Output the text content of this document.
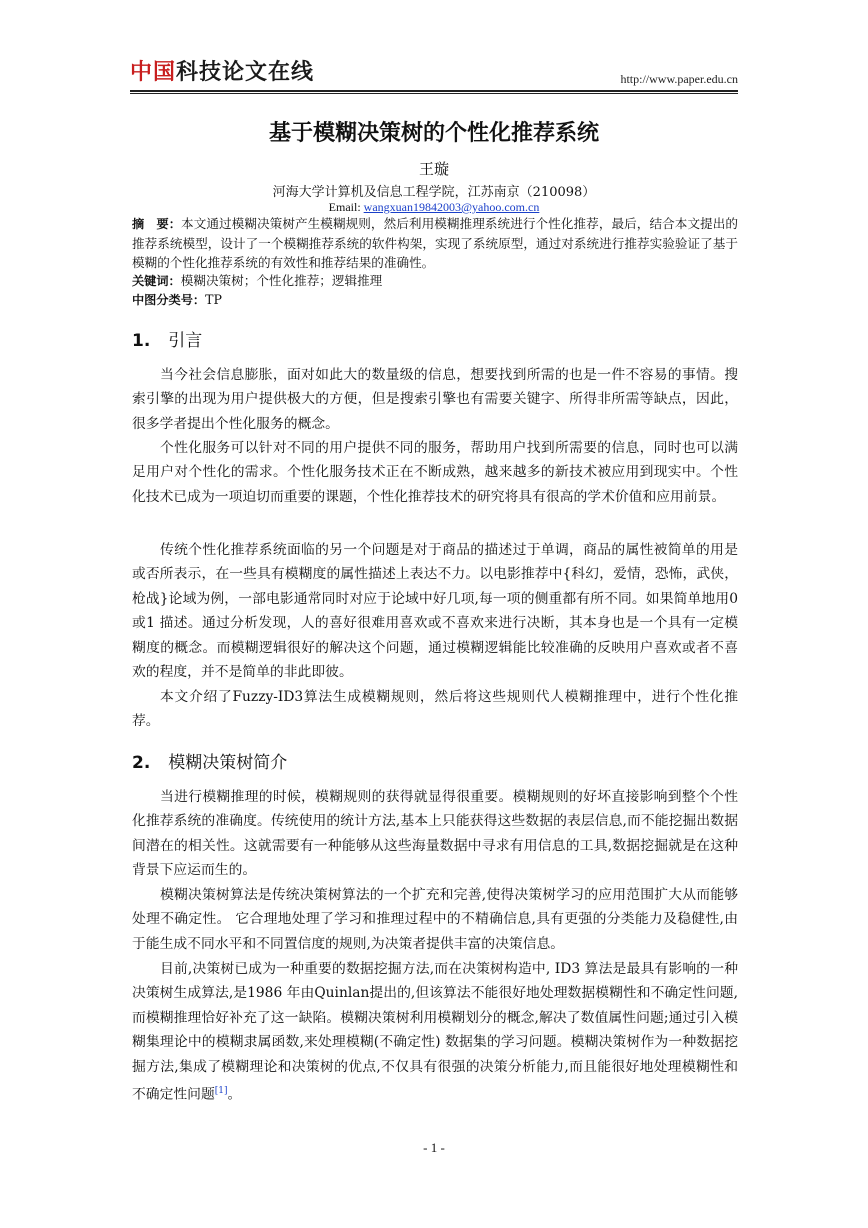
中国科技论文在线	http://www.paper.edu.cn
基于模糊决策树的个性化推荐系统
王璇
河海大学计算机及信息工程学院，江苏南京（210098）
Email: wangxuan19842003@yahoo.com.cn
摘　要：本文通过模糊决策树产生模糊规则，然后利用模糊推理系统进行个性化推荐，最后，结合本文提出的推荐系统模型，设计了一个模糊推荐系统的软件构架，实现了系统原型，通过对系统进行推荐实验验证了基于模糊的个性化推荐系统的有效性和推荐结果的准确性。
关键词：模糊决策树；个性化推荐；逻辑推理
中图分类号：TP
1. 引言
当今社会信息膨胀，面对如此大的数量级的信息，想要找到所需的也是一件不容易的事情。搜索引擎的出现为用户提供极大的方便，但是搜索引擎也有需要关键字、所得非所需等缺点，因此，很多学者提出个性化服务的概念。
个性化服务可以针对不同的用户提供不同的服务，帮助用户找到所需要的信息，同时也可以满足用户对个性化的需求。个性化服务技术正在不断成熟，越来越多的新技术被应用到现实中。个性化技术已成为一项迫切而重要的课题，个性化推荐技术的研究将具有很高的学术价值和应用前景。
传统个性化推荐系统面临的另一个问题是对于商品的描述过于单调，商品的属性被简单的用是或否所表示，在一些具有模糊度的属性描述上表达不力。以电影推荐中{科幻，爱情，恐怖，武侠，枪战}论域为例，一部电影通常同时对应于论域中好几项,每一项的侧重都有所不同。如果简单地用0 或1 描述。通过分析发现，人的喜好很难用喜欢或不喜欢来进行决断，其本身也是一个具有一定模糊度的概念。而模糊逻辑很好的解决这个问题，通过模糊逻辑能比较准确的反映用户喜欢或者不喜欢的程度，并不是简单的非此即彼。
本文介绍了Fuzzy-ID3算法生成模糊规则，然后将这些规则代人模糊推理中，进行个性化推荐。
2. 模糊决策树简介
当进行模糊推理的时候，模糊规则的获得就显得很重要。模糊规则的好坏直接影响到整个个性化推荐系统的准确度。传统使用的统计方法,基本上只能获得这些数据的表层信息,而不能挖掘出数据间潜在的相关性。这就需要有一种能够从这些海量数据中寻求有用信息的工具,数据挖掘就是在这种背景下应运而生的。
模糊决策树算法是传统决策树算法的一个扩充和完善,使得决策树学习的应用范围扩大从而能够处理不确定性。 它合理地处理了学习和推理过程中的不精确信息,具有更强的分类能力及稳健性,由于能生成不同水平和不同置信度的规则,为决策者提供丰富的决策信息。
目前,决策树已成为一种重要的数据挖掘方法,而在决策树构造中, ID3 算法是最具有影响的一种决策树生成算法,是1986 年由Quinlan提出的,但该算法不能很好地处理数据模糊性和不确定性问题,而模糊推理恰好补充了这一缺陷。模糊决策树利用模糊划分的概念,解决了数值属性问题;通过引入模糊集理论中的模糊隶属函数,来处理模糊(不确定性) 数据集的学习问题。模糊决策树作为一种数据挖掘方法,集成了模糊理论和决策树的优点,不仅具有很强的决策分析能力,而且能很好地处理模糊性和不确定性问题[1]。
- 1 -
